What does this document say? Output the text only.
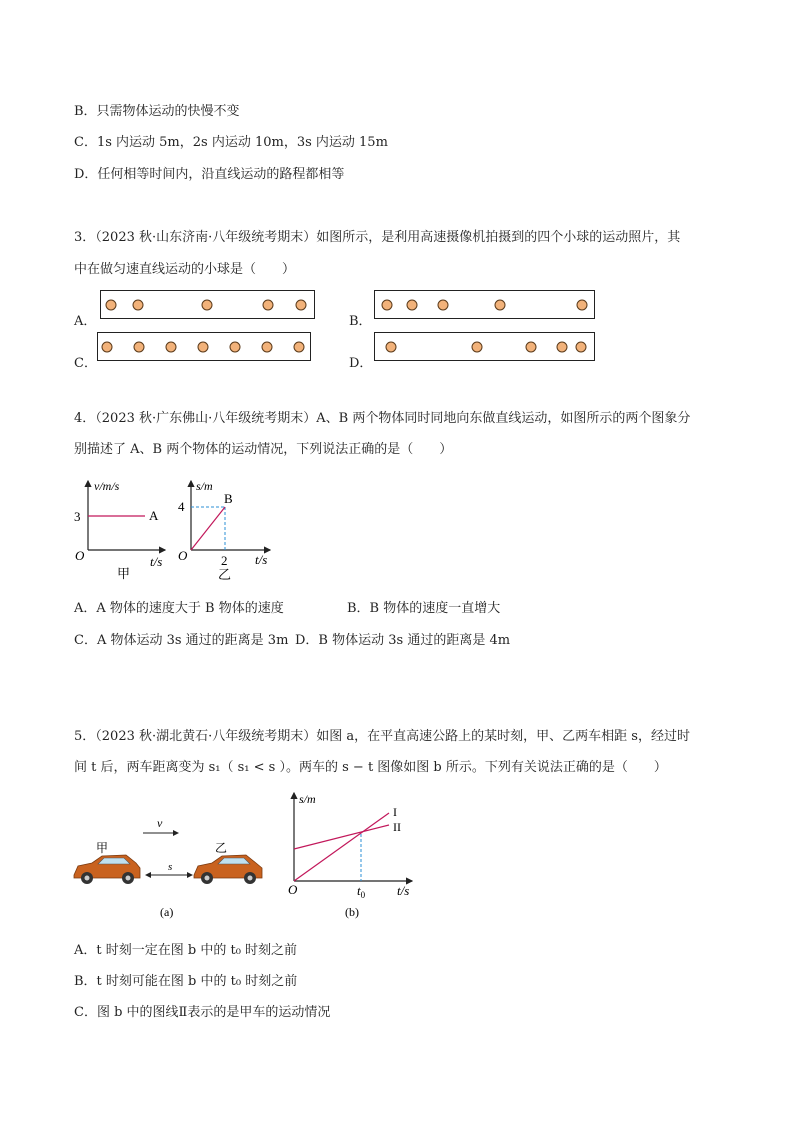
B．只需物体运动的快慢不变
C．1s 内运动 5m，2s 内运动 10m，3s 内运动 15m
D．任何相等时间内，沿直线运动的路程都相等
3．（2023 秋·山东济南·八年级统考期末）如图所示，是利用高速摄像机拍摄到的四个小球的运动照片，其
中在做匀速直线运动的小球是（　　）
A．	B．
C．	D．
4．（2023 秋·广东佛山·八年级统考期末）A、B 两个物体同时同地向东做直线运动，如图所示的两个图象分
别描述了 A、B 两个物体的运动情况，下列说法正确的是（　　）
v/m/s
3	A
O	t/s
甲
s/m
4
B
O	2 t/s
乙
A．A 物体的速度大于 B 物体的速度	B．B 物体的速度一直增大
C．A 物体运动 3s 通过的距离是 3m D．B 物体运动 3s 通过的距离是 4m
5．（2023 秋·湖北黄石·八年级统考期末）如图 a，在平直高速公路上的某时刻，甲、乙两车相距 s，经过时
间 t 后，两车距离变为 s₁（ s₁ < s ）。两车的 s − t 图像如图 b 所示。下列有关说法正确的是（　　）
v
甲	乙
s
(a)
s/m
I
II
O	$t_0$ t/s
(b)
A．t 时刻一定在图 b 中的 t₀ 时刻之前
B．t 时刻可能在图 b 中的 t₀ 时刻之前
C．图 b 中的图线Ⅱ表示的是甲车的运动情况
